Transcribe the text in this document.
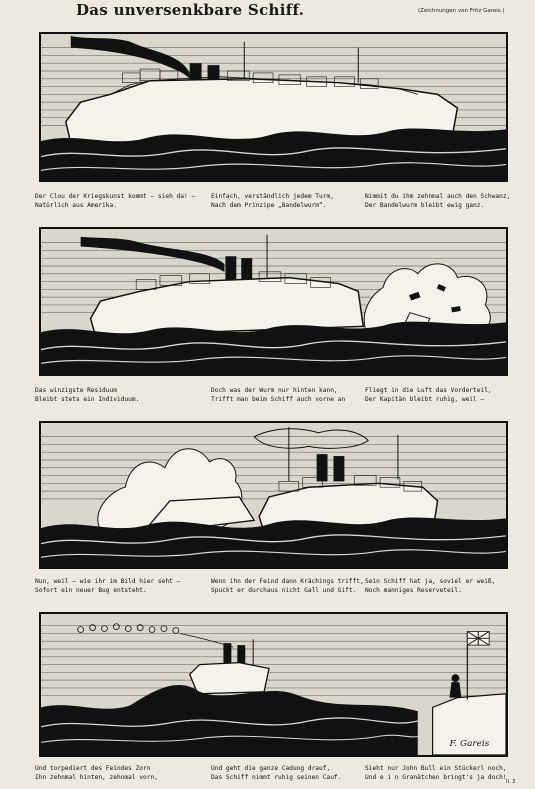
Das unversenkbare Schiff.	(Zeichnungen von Fritz Gareis.)
Der Clou der Kriegskunst kommt — sieh da! —
Natürlich aus Amerika.
Einfach, verständlich jedem Turm,
Nach dem Prinzipe „Bandelwurm“.
Nimmit du ihm zehnmal auch den Schwanz,
Der Bandelwurm bleibt ewig ganz.
Das winzigste Residuum
Bleibt stets ein Individuum.
Doch was der Wurm nur hinten kann,
Trifft man beim Schiff auch vorne an
Fliegt in die Luft das Vorderteil,
Der Kapitän bleibt ruhig, weil —
Nun, weil — wie ihr im Bild hier seht —
Sofort ein neuer Bug entsteht.
Wenn ihn der Feind dann Krächings trifft,
Spuckt er durchaus nicht Gall und Gift.
Sein Schiff hat ja, soviel er weiß,
Noch manniges Reserveteil.
F. Gareis
Und torpediert des Feindes Zorn
Ihn zehnmal hinten, zehnmal vorn,
Und geht die ganze Cadung drauf,
Das Schiff nimmt ruhig seinen Cauf.
Sieht nur John Bull ein Stückerl noch,
Und e i n Granätchen bringt's ja doch!
II. 3
